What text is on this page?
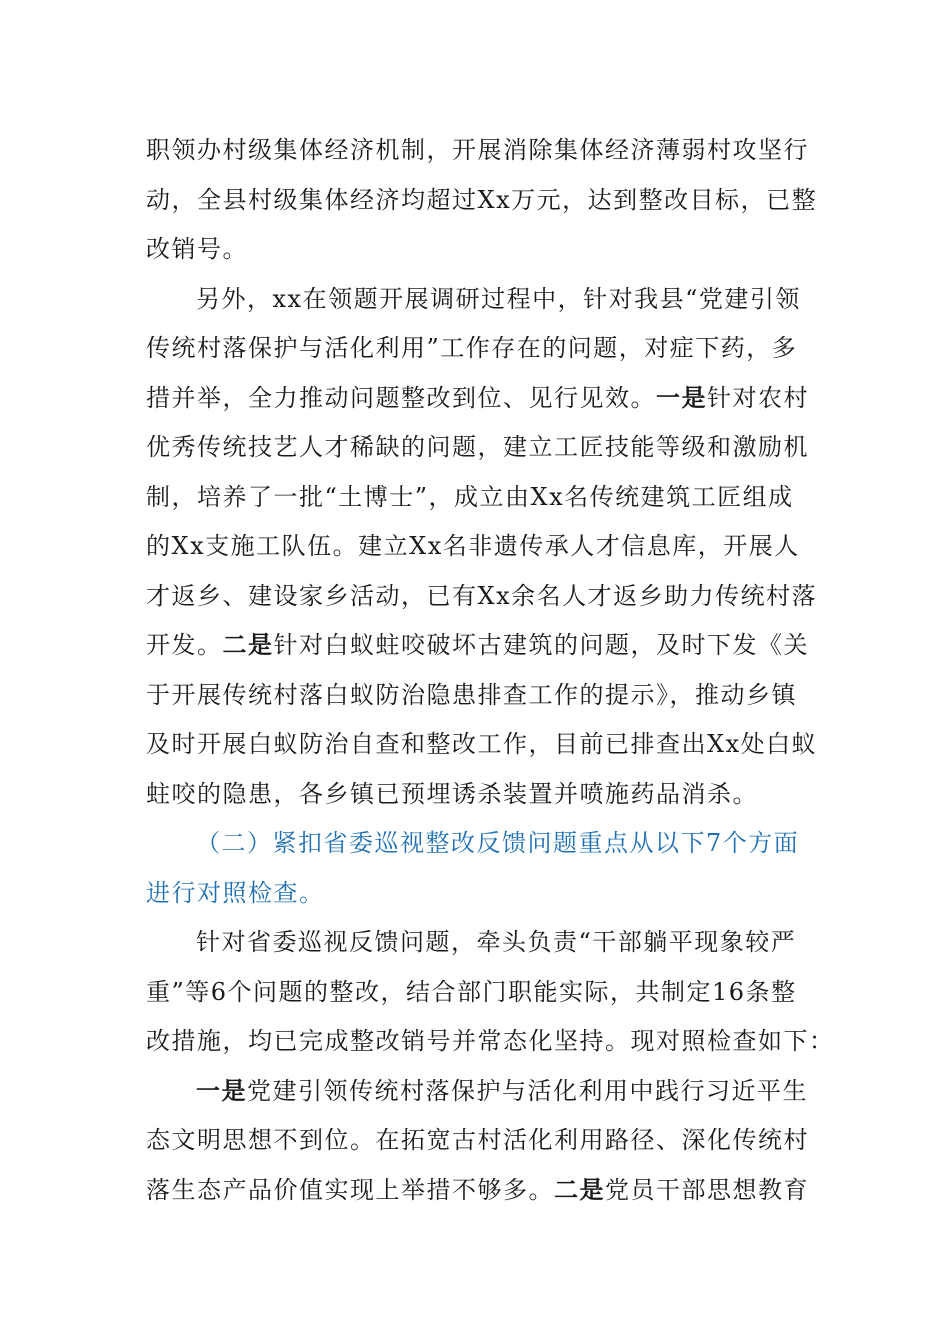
职领办村级集体经济机制，开展消除集体经济薄弱村攻坚行
动，全县村级集体经济均超过Xx万元，达到整改目标，已整
改销号。
另外，xx在领题开展调研过程中，针对我县“党建引领
传统村落保护与活化利用”工作存在的问题，对症下药，多
措并举，全力推动问题整改到位、见行见效。一是针对农村
优秀传统技艺人才稀缺的问题，建立工匠技能等级和激励机
制，培养了一批“土博士”，成立由Xx名传统建筑工匠组成
的Xx支施工队伍。建立Xx名非遗传承人才信息库，开展人
才返乡、建设家乡活动，已有Xx余名人才返乡助力传统村落
开发。二是针对白蚁蛀咬破坏古建筑的问题，及时下发《关
于开展传统村落白蚁防治隐患排查工作的提示》，推动乡镇
及时开展白蚁防治自查和整改工作，目前已排查出Xx处白蚁
蛀咬的隐患，各乡镇已预埋诱杀装置并喷施药品消杀。
（二）紧扣省委巡视整改反馈问题重点从以下7个方面
进行对照检查。
针对省委巡视反馈问题，牵头负责“干部躺平现象较严
重”等6个问题的整改，结合部门职能实际，共制定16条整
改措施，均已完成整改销号并常态化坚持。现对照检查如下：
一是党建引领传统村落保护与活化利用中践行习近平生
态文明思想不到位。在拓宽古村活化利用路径、深化传统村
落生态产品价值实现上举措不够多。二是党员干部思想教育
